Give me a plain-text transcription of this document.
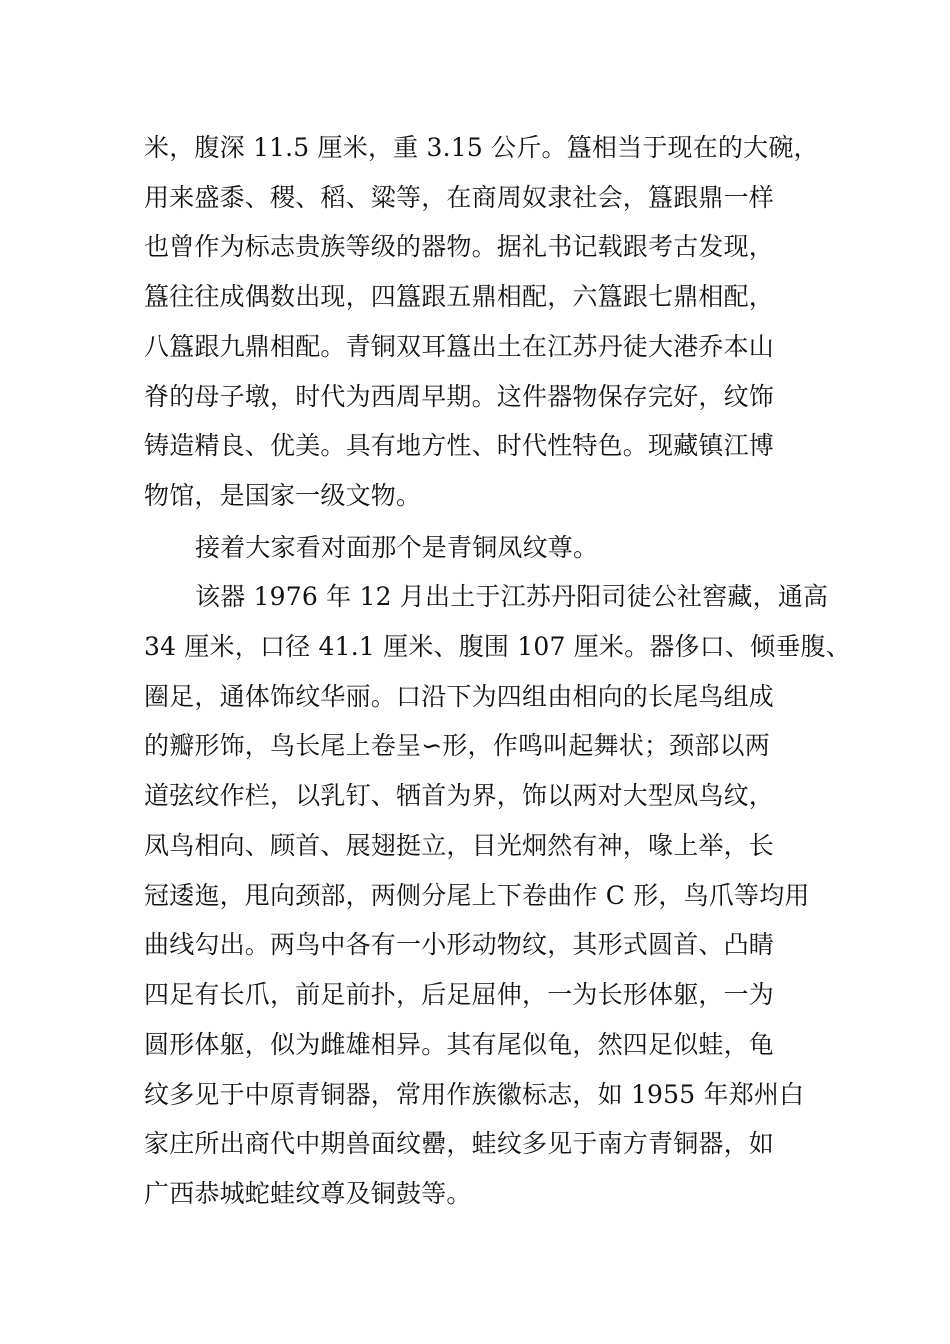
米，腹深 11.5 厘米，重 3.15 公斤。簋相当于现在的大碗，
用来盛黍、稷、稻、粱等，在商周奴隶社会，簋跟鼎一样
也曾作为标志贵族等级的器物。据礼书记载跟考古发现，
簋往往成偶数出现，四簋跟五鼎相配，六簋跟七鼎相配，
八簋跟九鼎相配。青铜双耳簋出土在江苏丹徒大港乔本山
脊的母子墩，时代为西周早期。这件器物保存完好，纹饰
铸造精良、优美。具有地方性、时代性特色。现藏镇江博
物馆，是国家一级文物。
接着大家看对面那个是青铜凤纹尊。
该器 1976 年 12 月出土于江苏丹阳司徒公社窖藏，通高
34 厘米，口径 41.1 厘米、腹围 107 厘米。器侈口、倾垂腹、
圈足，通体饰纹华丽。口沿下为四组由相向的长尾鸟组成
的瓣形饰，鸟长尾上卷呈∽形，作鸣叫起舞状；颈部以两
道弦纹作栏，以乳钉、牺首为界，饰以两对大型凤鸟纹，
凤鸟相向、顾首、展翅挺立，目光炯然有神，喙上举，长
冠逶迤，甩向颈部，两侧分尾上下卷曲作 C 形，鸟爪等均用
曲线勾出。两鸟中各有一小形动物纹，其形式圆首、凸睛
四足有长爪，前足前扑，后足屈伸，一为长形体躯，一为
圆形体躯，似为雌雄相异。其有尾似龟，然四足似蛙，龟
纹多见于中原青铜器，常用作族徽标志，如 1955 年郑州白
家庄所出商代中期兽面纹罍，蛙纹多见于南方青铜器，如
广西恭城蛇蛙纹尊及铜鼓等。
